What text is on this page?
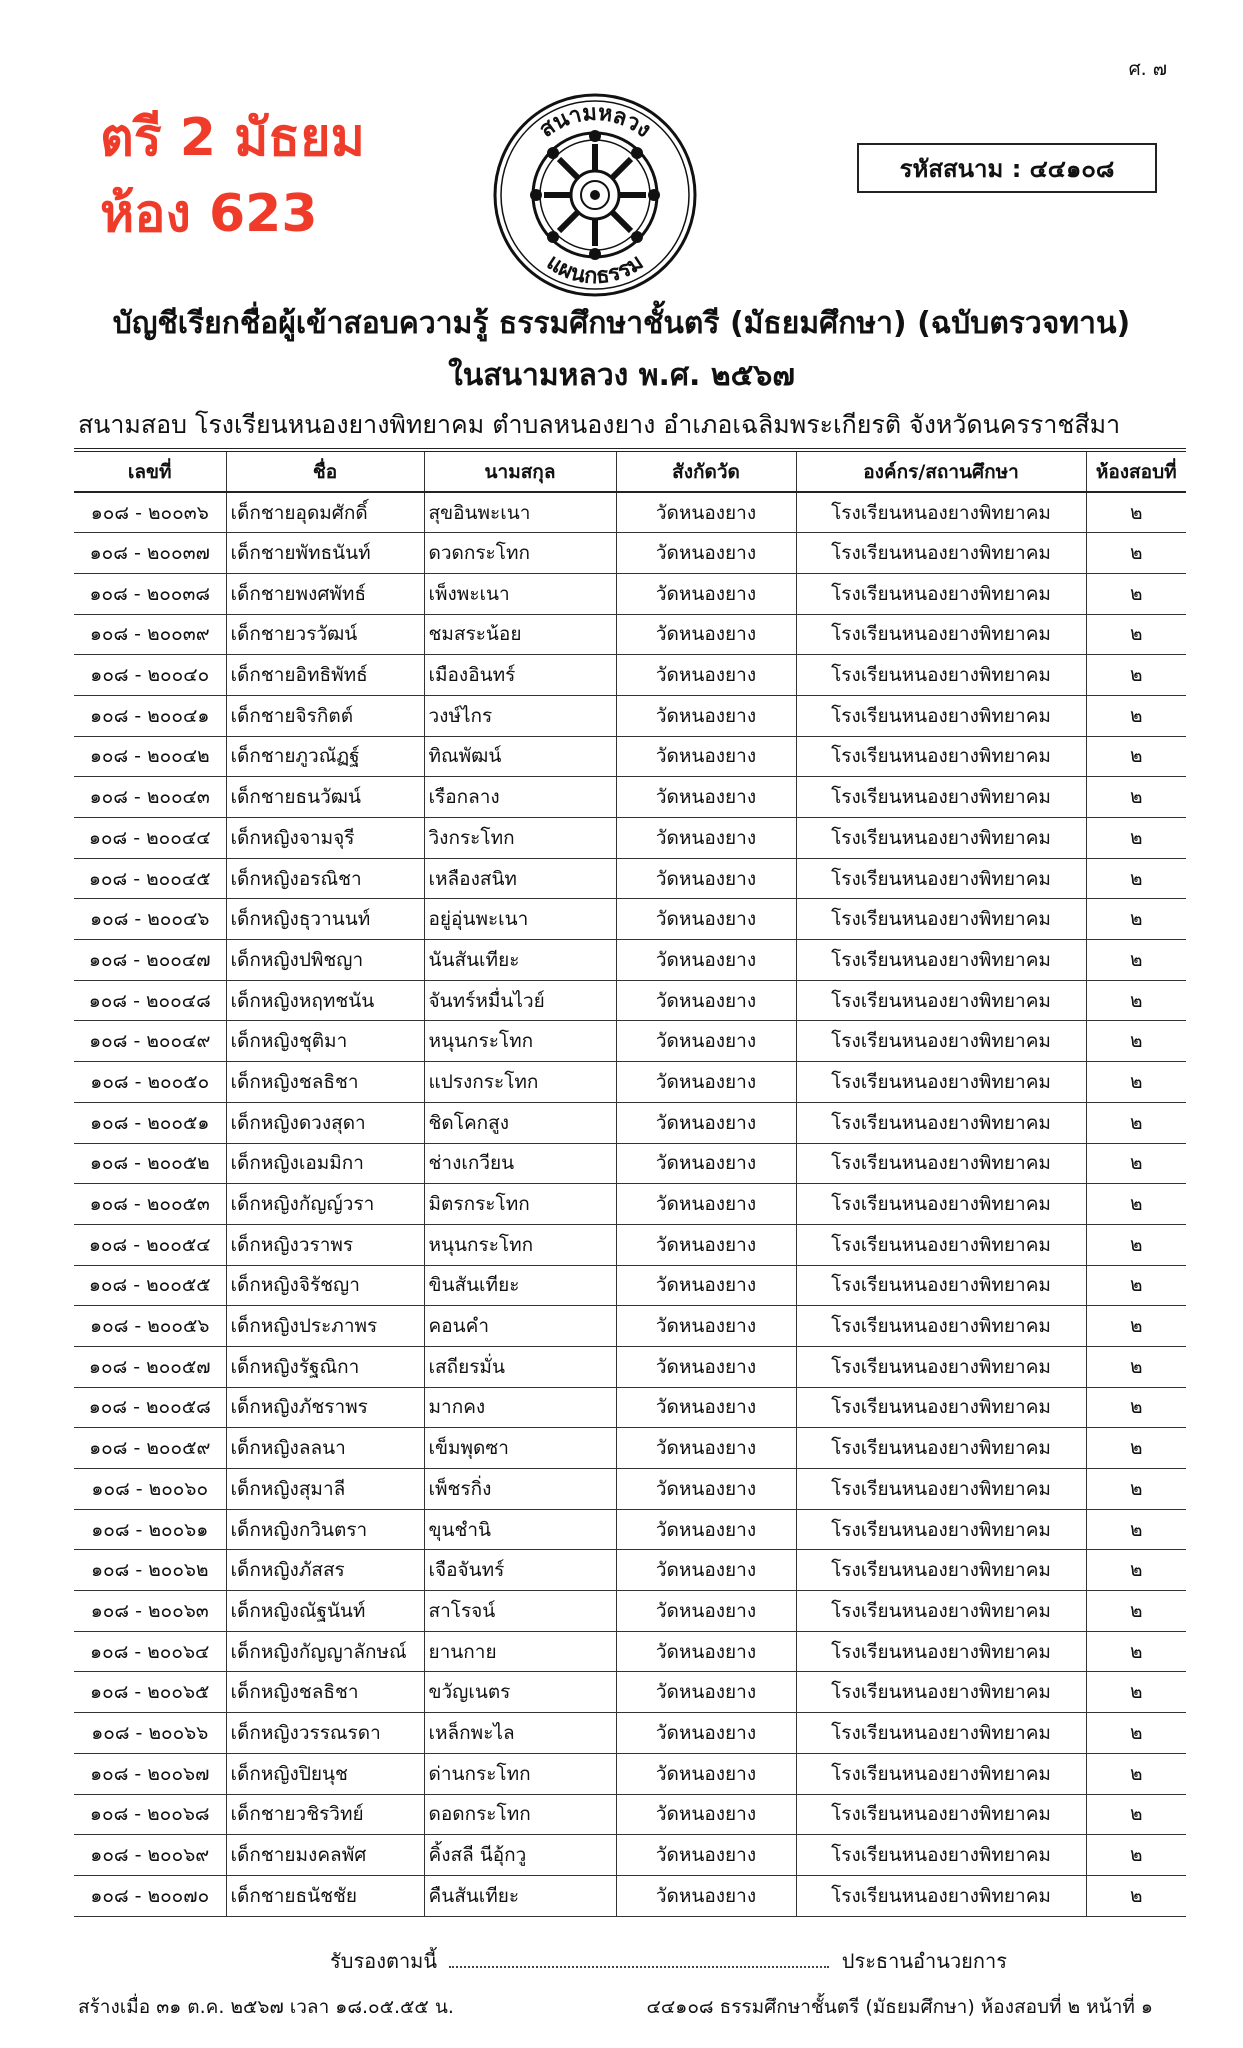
ศ. ๗
ตรี 2 มัธยม
ห้อง 623
สนามหลวง
แผนกธรรม
รหัสสนาม : ๔๔๑๐๘
บัญชีเรียกชื่อผู้เข้าสอบความรู้ ธรรมศึกษาชั้นตรี (มัธยมศึกษา) (ฉบับตรวจทาน)
ในสนามหลวง พ.ศ. ๒๕๖๗
สนามสอบ โรงเรียนหนองยางพิทยาคม ตำบลหนองยาง อำเภอเฉลิมพระเกียรติ จังหวัดนครราชสีมา
เลขที่	ชื่อ	นามสกุล	สังกัดวัด	องค์กร/สถานศึกษา	ห้องสอบที่
๑๐๘ - ๒๐๐๓๖	เด็กชายอุดมศักดิ์	สุขอินพะเนา	วัดหนองยาง	โรงเรียนหนองยางพิทยาคม	๒
๑๐๘ - ๒๐๐๓๗	เด็กชายพัทธนันท์	ดวดกระโทก	วัดหนองยาง	โรงเรียนหนองยางพิทยาคม	๒
๑๐๘ - ๒๐๐๓๘	เด็กชายพงศพัทธ์	เพ็งพะเนา	วัดหนองยาง	โรงเรียนหนองยางพิทยาคม	๒
๑๐๘ - ๒๐๐๓๙	เด็กชายวรวัฒน์	ชมสระน้อย	วัดหนองยาง	โรงเรียนหนองยางพิทยาคม	๒
๑๐๘ - ๒๐๐๔๐	เด็กชายอิทธิพัทธ์	เมืองอินทร์	วัดหนองยาง	โรงเรียนหนองยางพิทยาคม	๒
๑๐๘ - ๒๐๐๔๑	เด็กชายจิรกิตต์	วงษ์ไกร	วัดหนองยาง	โรงเรียนหนองยางพิทยาคม	๒
๑๐๘ - ๒๐๐๔๒	เด็กชายภูวณัฏฐ์	ทิณพัฒน์	วัดหนองยาง	โรงเรียนหนองยางพิทยาคม	๒
๑๐๘ - ๒๐๐๔๓	เด็กชายธนวัฒน์	เรือกลาง	วัดหนองยาง	โรงเรียนหนองยางพิทยาคม	๒
๑๐๘ - ๒๐๐๔๔	เด็กหญิงจามจุรี	วิงกระโทก	วัดหนองยาง	โรงเรียนหนองยางพิทยาคม	๒
๑๐๘ - ๒๐๐๔๕	เด็กหญิงอรณิชา	เหลืองสนิท	วัดหนองยาง	โรงเรียนหนองยางพิทยาคม	๒
๑๐๘ - ๒๐๐๔๖	เด็กหญิงธุวานนท์	อยู่อุ่นพะเนา	วัดหนองยาง	โรงเรียนหนองยางพิทยาคม	๒
๑๐๘ - ๒๐๐๔๗	เด็กหญิงปพิชญา	นันสันเทียะ	วัดหนองยาง	โรงเรียนหนองยางพิทยาคม	๒
๑๐๘ - ๒๐๐๔๘	เด็กหญิงหฤทชนัน	จันทร์หมื่นไวย์	วัดหนองยาง	โรงเรียนหนองยางพิทยาคม	๒
๑๐๘ - ๒๐๐๔๙	เด็กหญิงชุติมา	หนุนกระโทก	วัดหนองยาง	โรงเรียนหนองยางพิทยาคม	๒
๑๐๘ - ๒๐๐๕๐	เด็กหญิงชลธิชา	แปรงกระโทก	วัดหนองยาง	โรงเรียนหนองยางพิทยาคม	๒
๑๐๘ - ๒๐๐๕๑	เด็กหญิงดวงสุดา	ชิดโคกสูง	วัดหนองยาง	โรงเรียนหนองยางพิทยาคม	๒
๑๐๘ - ๒๐๐๕๒	เด็กหญิงเอมมิกา	ช่างเกวียน	วัดหนองยาง	โรงเรียนหนองยางพิทยาคม	๒
๑๐๘ - ๒๐๐๕๓	เด็กหญิงกัญญ์วรา	มิตรกระโทก	วัดหนองยาง	โรงเรียนหนองยางพิทยาคม	๒
๑๐๘ - ๒๐๐๕๔	เด็กหญิงวราพร	หนุนกระโทก	วัดหนองยาง	โรงเรียนหนองยางพิทยาคม	๒
๑๐๘ - ๒๐๐๕๕	เด็กหญิงจิรัชญา	ขินสันเทียะ	วัดหนองยาง	โรงเรียนหนองยางพิทยาคม	๒
๑๐๘ - ๒๐๐๕๖	เด็กหญิงประภาพร	คอนคำ	วัดหนองยาง	โรงเรียนหนองยางพิทยาคม	๒
๑๐๘ - ๒๐๐๕๗	เด็กหญิงรัฐณิกา	เสถียรมั่น	วัดหนองยาง	โรงเรียนหนองยางพิทยาคม	๒
๑๐๘ - ๒๐๐๕๘	เด็กหญิงภัชราพร	มากคง	วัดหนองยาง	โรงเรียนหนองยางพิทยาคม	๒
๑๐๘ - ๒๐๐๕๙	เด็กหญิงลลนา	เข็มพุดซา	วัดหนองยาง	โรงเรียนหนองยางพิทยาคม	๒
๑๐๘ - ๒๐๐๖๐	เด็กหญิงสุมาลี	เพ็ชรกิ่ง	วัดหนองยาง	โรงเรียนหนองยางพิทยาคม	๒
๑๐๘ - ๒๐๐๖๑	เด็กหญิงกวินตรา	ขุนชำนิ	วัดหนองยาง	โรงเรียนหนองยางพิทยาคม	๒
๑๐๘ - ๒๐๐๖๒	เด็กหญิงภัสสร	เจือจันทร์	วัดหนองยาง	โรงเรียนหนองยางพิทยาคม	๒
๑๐๘ - ๒๐๐๖๓	เด็กหญิงณัฐนันท์	สาโรจน์	วัดหนองยาง	โรงเรียนหนองยางพิทยาคม	๒
๑๐๘ - ๒๐๐๖๔	เด็กหญิงกัญญาลักษณ์	ยานกาย	วัดหนองยาง	โรงเรียนหนองยางพิทยาคม	๒
๑๐๘ - ๒๐๐๖๕	เด็กหญิงชลธิชา	ขวัญเนตร	วัดหนองยาง	โรงเรียนหนองยางพิทยาคม	๒
๑๐๘ - ๒๐๐๖๖	เด็กหญิงวรรณรดา	เหล็กพะไล	วัดหนองยาง	โรงเรียนหนองยางพิทยาคม	๒
๑๐๘ - ๒๐๐๖๗	เด็กหญิงปิยนุช	ด่านกระโทก	วัดหนองยาง	โรงเรียนหนองยางพิทยาคม	๒
๑๐๘ - ๒๐๐๖๘	เด็กชายวชิรวิทย์	ดอดกระโทก	วัดหนองยาง	โรงเรียนหนองยางพิทยาคม	๒
๑๐๘ - ๒๐๐๖๙	เด็กชายมงคลพัศ	คิ้งสลี นีอุ้กวู	วัดหนองยาง	โรงเรียนหนองยางพิทยาคม	๒
๑๐๘ - ๒๐๐๗๐	เด็กชายธนัชชัย	คืนสันเทียะ	วัดหนองยาง	โรงเรียนหนองยางพิทยาคม	๒
รับรองตามนี้	ประธานอำนวยการ
สร้างเมื่อ ๓๑ ต.ค. ๒๕๖๗ เวลา ๑๘.๐๕.๕๕ น.	๔๔๑๐๘ ธรรมศึกษาชั้นตรี (มัธยมศึกษา) ห้องสอบที่ ๒ หน้าที่ ๑
